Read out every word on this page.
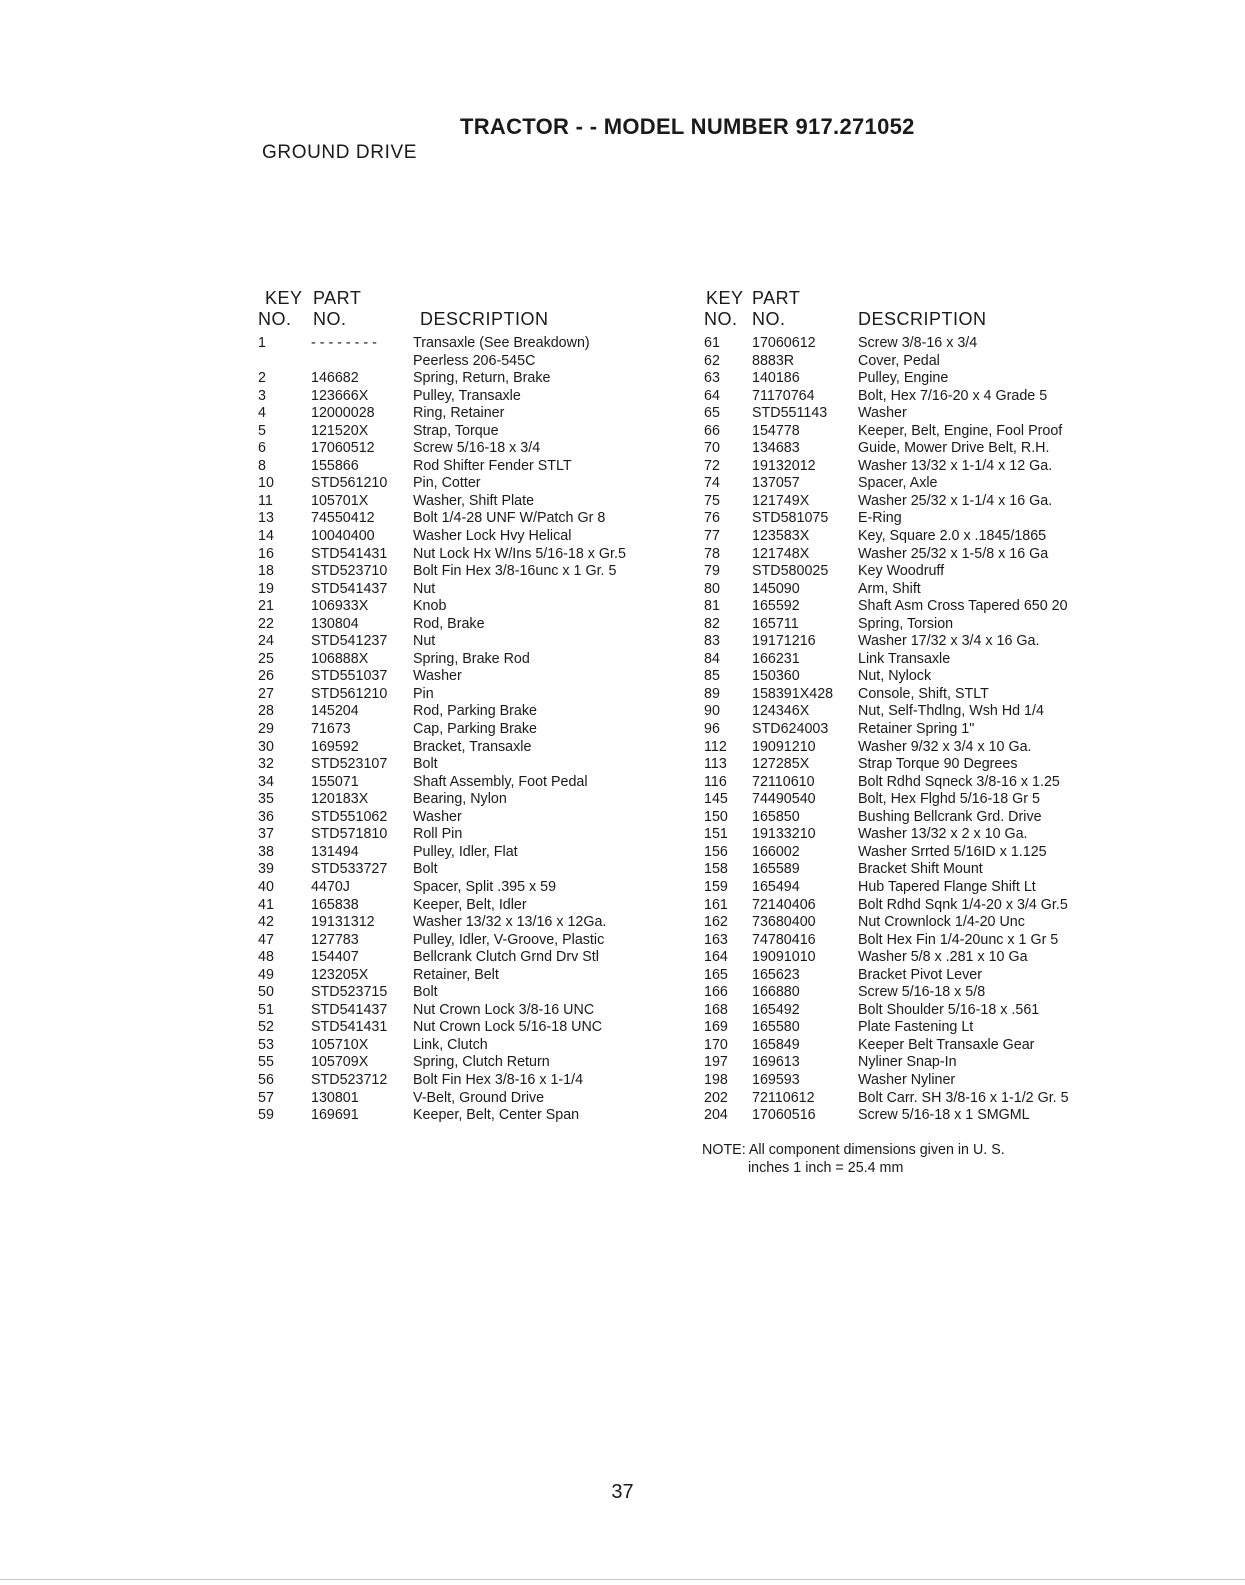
TRACTOR - - MODEL NUMBER 917.271052
GROUND DRIVE
KEY
NO.
PART
NO.	DESCRIPTION
1	- - - - - - - -	Transaxle (See Breakdown)
Peerless 206-545C
2	146682	Spring, Return, Brake
3	123666X	Pulley, Transaxle
4	12000028	Ring, Retainer
5	121520X	Strap, Torque
6	17060512	Screw 5/16-18 x 3/4
8	155866	Rod Shifter Fender STLT
10	STD561210 Pin, Cotter
11	105701X	Washer, Shift Plate
13	74550412	Bolt 1/4-28 UNF W/Patch Gr 8
14	10040400	Washer Lock Hvy Helical
16	STD541431 Nut Lock Hx W/Ins 5/16-18 x Gr.5
18	STD523710 Bolt Fin Hex 3/8-16unc x 1 Gr. 5
19	STD541437 Nut
21	106933X	Knob
22	130804	Rod, Brake
24	STD541237 Nut
25	106888X	Spring, Brake Rod
26	STD551037 Washer
27	STD561210 Pin
28	145204	Rod, Parking Brake
29	71673	Cap, Parking Brake
30	169592	Bracket, Transaxle
32	STD523107 Bolt
34	155071	Shaft Assembly, Foot Pedal
35	120183X	Bearing, Nylon
36	STD551062 Washer
37	STD571810 Roll Pin
38	131494	Pulley, Idler, Flat
39	STD533727 Bolt
40	4470J	Spacer, Split .395 x 59
41	165838	Keeper, Belt, Idler
42	19131312	Washer 13/32 x 13/16 x 12Ga.
47	127783	Pulley, Idler, V-Groove, Plastic
48	154407	Bellcrank Clutch Grnd Drv Stl
49	123205X	Retainer, Belt
50	STD523715 Bolt
51	STD541437 Nut Crown Lock 3/8-16 UNC
52	STD541431 Nut Crown Lock 5/16-18 UNC
53	105710X	Link, Clutch
55	105709X	Spring, Clutch Return
56	STD523712 Bolt Fin Hex 3/8-16 x 1-1/4
57	130801	V-Belt, Ground Drive
59	169691	Keeper, Belt, Center Span
KEY
NO.
PART
NO.	DESCRIPTION
61 17060612	Screw 3/8-16 x 3/4
62 8883R	Cover, Pedal
63 140186	Pulley, Engine
64 71170764	Bolt, Hex 7/16-20 x 4 Grade 5
65 STD551143 Washer
66 154778	Keeper, Belt, Engine, Fool Proof
70 134683	Guide, Mower Drive Belt, R.H.
72 19132012	Washer 13/32 x 1-1/4 x 12 Ga.
74 137057	Spacer, Axle
75 121749X	Washer 25/32 x 1-1/4 x 16 Ga.
76 STD581075 E-Ring
77 123583X	Key, Square 2.0 x .1845/1865
78 121748X	Washer 25/32 x 1-5/8 x 16 Ga
79 STD580025 Key Woodruff
80 145090	Arm, Shift
81 165592	Shaft Asm Cross Tapered 650 20
82 165711	Spring, Torsion
83 19171216	Washer 17/32 x 3/4 x 16 Ga.
84 166231	Link Transaxle
85 150360	Nut, Nylock
89 158391X428 Console, Shift, STLT
90 124346X	Nut, Self-Thdlng, Wsh Hd 1/4
96 STD624003 Retainer Spring 1"
112 19091210	Washer 9/32 x 3/4 x 10 Ga.
113 127285X	Strap Torque 90 Degrees
116 72110610	Bolt Rdhd Sqneck 3/8-16 x 1.25
145 74490540	Bolt, Hex Flghd 5/16-18 Gr 5
150 165850	Bushing Bellcrank Grd. Drive
151 19133210	Washer 13/32 x 2 x 10 Ga.
156 166002	Washer Srrted 5/16ID x 1.125
158 165589	Bracket Shift Mount
159 165494	Hub Tapered Flange Shift Lt
161 72140406	Bolt Rdhd Sqnk 1/4-20 x 3/4 Gr.5
162 73680400	Nut Crownlock 1/4-20 Unc
163 74780416	Bolt Hex Fin 1/4-20unc x 1 Gr 5
164 19091010	Washer 5/8 x .281 x 10 Ga
165 165623	Bracket Pivot Lever
166 166880	Screw 5/16-18 x 5/8
168 165492	Bolt Shoulder 5/16-18 x .561
169 165580	Plate Fastening Lt
170 165849	Keeper Belt Transaxle Gear
197 169613	Nyliner Snap-In
198 169593	Washer Nyliner
202 72110612	Bolt Carr. SH 3/8-16 x 1-1/2 Gr. 5
204 17060516	Screw 5/16-18 x 1 SMGML
NOTE: All component dimensions given in U. S.
inches 1 inch = 25.4 mm
37
